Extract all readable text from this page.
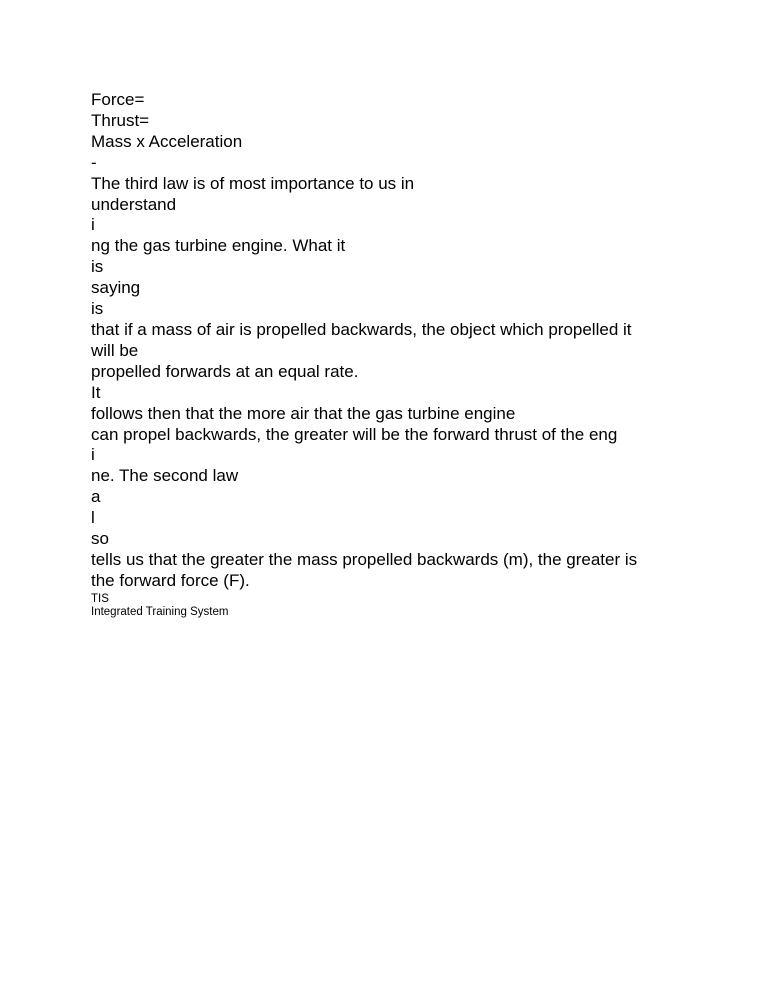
Force=

Thrust=

Mass x Acceleration

-

The third law is of most importance to us in

understand

i

ng the gas turbine engine. What it

is

saying

is

that if a mass of air is propelled backwards, the object which propelled it

will be

propelled forwards at an equal rate.

It

follows then that the more air that the gas turbine engine

can propel backwards, the greater will be the forward thrust of the eng

i

ne. The second law

a

l

so

tells us that the greater the mass propelled backwards (m), the greater is

the forward force (F).

TIS

Integrated Training System
